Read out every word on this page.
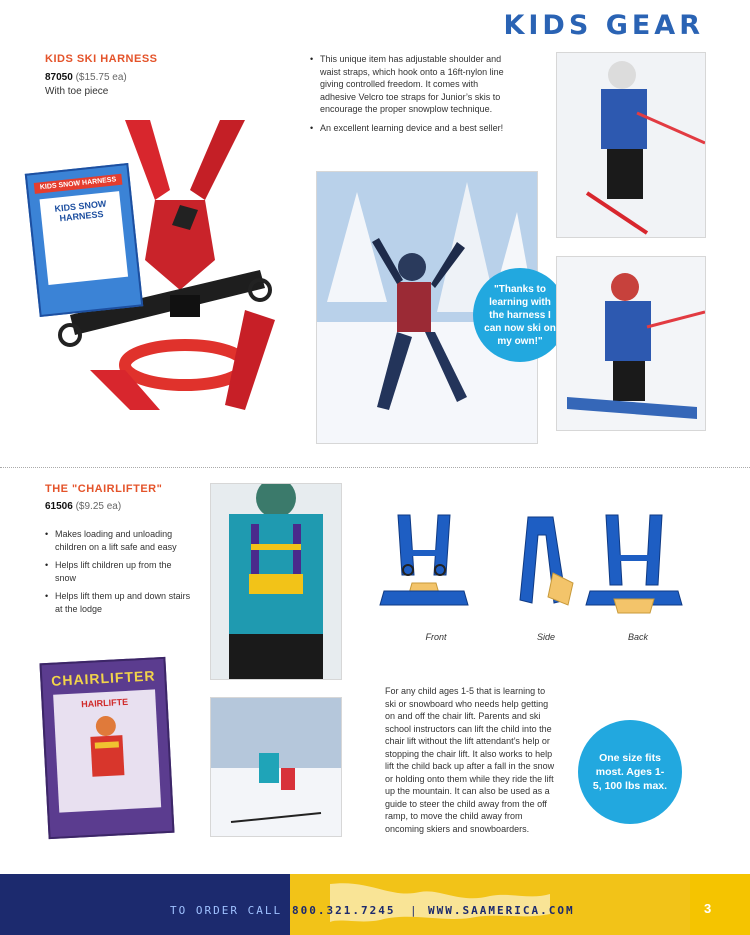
KIDS GEAR
KIDS SKI HARNESS
87050 ($15.75 ea)
With toe piece
KIDS SNOW HARNESS
KIDS SNOW HARNESS
• This unique item has adjustable shoulder and waist straps, which hook onto a 16ft-nylon line giving controlled freedom. It comes with adhesive Velcro toe straps for Junior’s skis to encourage the proper snowplow technique.
• An excellent learning device and a best seller!
"Thanks to learning with the harness I can now ski on my own!"
THE "CHAIRLIFTER"
61506 ($9.25 ea)
• Makes loading and unloading children on a lift safe and easy
• Helps lift children up from the snow
• Helps lift them up and down stairs at the lodge
CHAIRLIFTER
HAIRLIFTE
Front	Side	Back
For any child ages 1-5 that is learning to ski or snowboard who needs help getting on and off the chair lift. Parents and ski school instructors can lift the child into the chair lift without the lift attendant’s help or stopping the chair lift. It also works to help lift the child back up after a fall in the snow or holding onto them while they ride the lift up the mountain. It can also be used as a guide to steer the child away from the off ramp, to move the child away from oncoming skiers and snowboarders.
One size fits most. Ages 1-5, 100 lbs max.
TO ORDER CALL 800.321.7245 | WWW.SAAMERICA.COM	3
